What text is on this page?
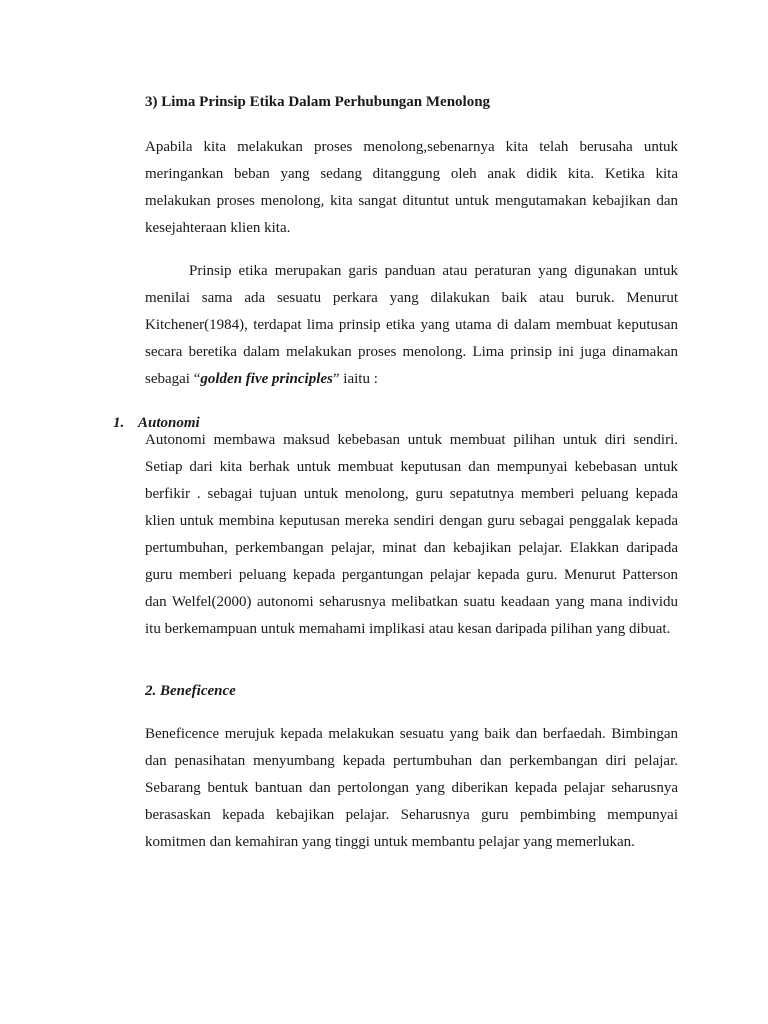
3) Lima Prinsip Etika Dalam Perhubungan Menolong

Apabila kita melakukan proses menolong,sebenarnya kita telah berusaha untuk meringankan beban yang sedang ditanggung oleh anak didik kita. Ketika kita melakukan proses menolong, kita sangat dituntut untuk mengutamakan kebajikan dan kesejahteraan klien kita.

Prinsip etika merupakan garis panduan atau peraturan yang digunakan untuk menilai sama ada sesuatu perkara yang dilakukan baik atau buruk. Menurut Kitchener(1984), terdapat lima prinsip etika yang utama di dalam membuat keputusan secara beretika dalam melakukan proses menolong. Lima prinsip ini juga dinamakan sebagai “golden five principles” iaitu :

1. Autonomi

Autonomi membawa maksud kebebasan untuk membuat pilihan untuk diri sendiri. Setiap dari kita berhak untuk membuat keputusan dan mempunyai kebebasan untuk berfikir . sebagai tujuan untuk menolong, guru sepatutnya memberi peluang kepada klien untuk membina keputusan mereka sendiri dengan guru sebagai penggalak kepada pertumbuhan, perkembangan pelajar, minat dan kebajikan pelajar. Elakkan daripada guru memberi peluang kepada pergantungan pelajar kepada guru. Menurut Patterson dan Welfel(2000) autonomi seharusnya melibatkan suatu keadaan yang mana individu itu berkemampuan untuk memahami implikasi atau kesan daripada pilihan yang dibuat.

2. Beneficence

Beneficence merujuk kepada melakukan sesuatu yang baik dan berfaedah. Bimbingan dan penasihatan menyumbang kepada pertumbuhan dan perkembangan diri pelajar. Sebarang bentuk bantuan dan pertolongan yang diberikan kepada pelajar seharusnya berasaskan kepada kebajikan pelajar. Seharusnya guru pembimbing mempunyai komitmen dan kemahiran yang tinggi untuk membantu pelajar yang memerlukan.
